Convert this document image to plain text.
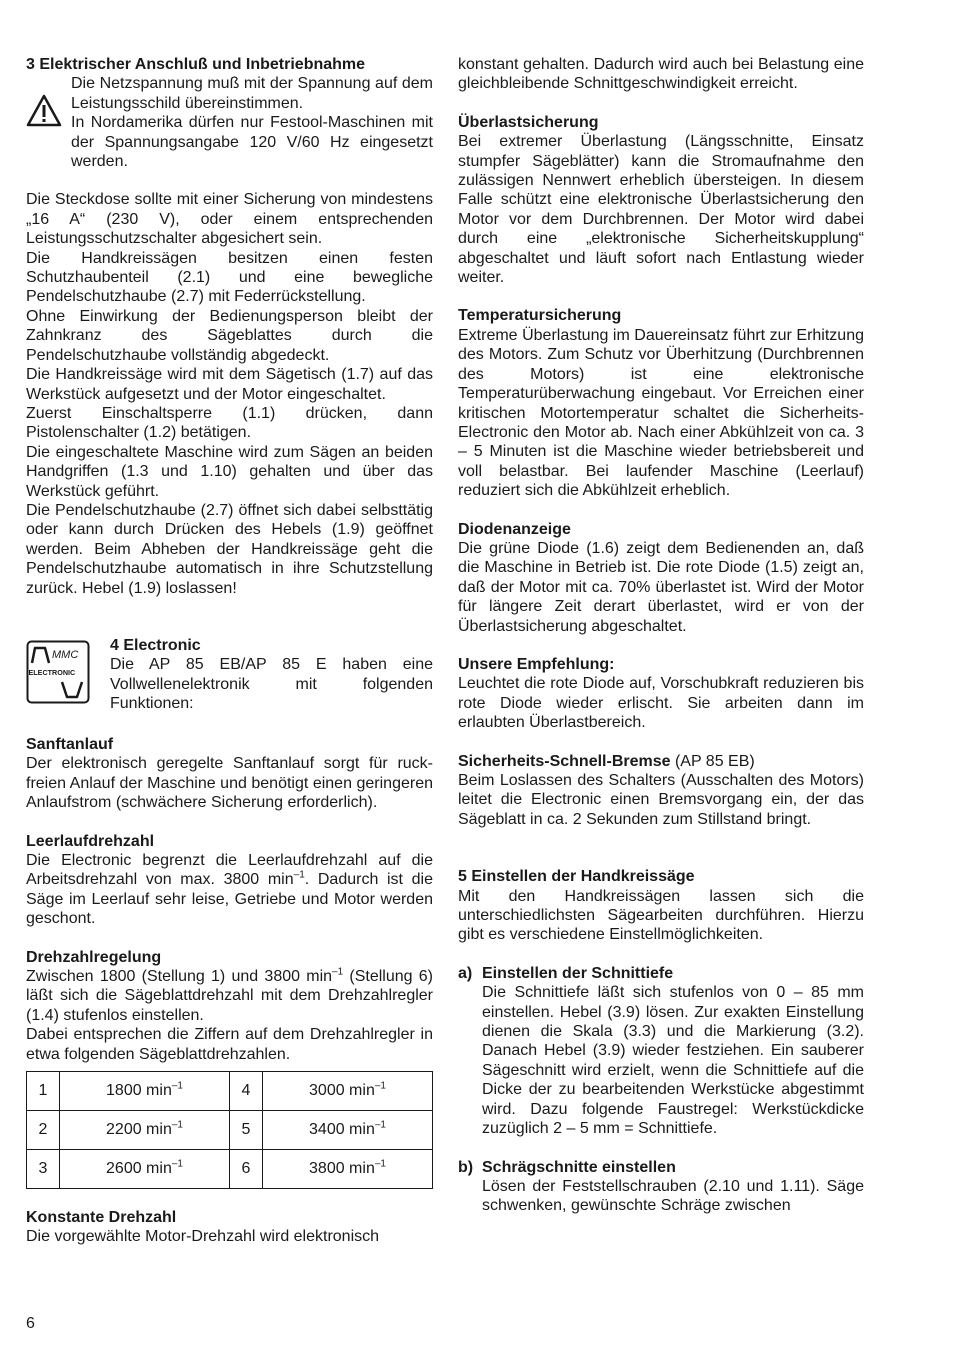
3 Elektrischer Anschluß und Inbetriebnahme

Die Netzspannung muß mit der Spannung auf dem Leistungsschild übereinstimmen.

In Nordamerika dürfen nur Festool-Maschinen mit der Spannungsangabe 120 V/60 Hz eingesetzt werden.

Die Steckdose sollte mit einer Sicherung von mindestens „16 A“ (230 V), oder einem entsprechenden Leistungsschutzschalter abgesichert sein.

Die Handkreissägen besitzen einen festen Schutzhaubenteil (2.1) und eine bewegliche Pendelschutzhaube (2.7) mit Federrückstellung.

Ohne Einwirkung der Bedienungsperson bleibt der Zahnkranz des Sägeblattes durch die Pendelschutzhaube vollständig abgedeckt.

Die Handkreissäge wird mit dem Sägetisch (1.7) auf das Werkstück aufgesetzt und der Motor eingeschaltet.

Zuerst Einschaltsperre (1.1) drücken, dann Pistolenschalter (1.2) betätigen.

Die eingeschaltete Maschine wird zum Sägen an beiden Handgriffen (1.3 und 1.10) gehalten und über das Werkstück geführt.

Die Pendelschutzhaube (2.7) öffnet sich dabei selbsttätig oder kann durch Drücken des Hebels (1.9) geöffnet werden. Beim Abheben der Handkreissäge geht die Pendelschutzhaube automatisch in ihre Schutzstellung zurück. Hebel (1.9) loslassen!

MMC
ELECTRONIC

4 Electronic

Die AP 85 EB/AP 85 E haben eine Vollwellenelektronik mit folgenden Funktionen:

Sanftanlauf

Der elektronisch geregelte Sanftanlauf sorgt für ruck- freien Anlauf der Maschine und benötigt einen geringeren Anlaufstrom (schwächere Sicherung erforderlich).

Leerlaufdrehzahl

Die Electronic begrenzt die Leerlaufdrehzahl auf die Arbeitsdrehzahl von max. 3800 $\min^{-1}$. Dadurch ist die Säge im Leerlauf sehr leise, Getriebe und Motor werden geschont.

Drehzahlregelung

Zwischen 1800 (Stellung 1) und 3800 $\min^{-1}$ (Stellung 6) läßt sich die Sägeblattdrehzahl mit dem Drehzahlregler (1.4) stufenlos einstellen.

Dabei entsprechen die Ziffern auf dem Drehzahlregler in etwa folgenden Sägeblattdrehzahlen.

1	1800 $\min^{-1}$	4	3000 $\min^{-1}$
2	2200 $\min^{-1}$	5	3400 $\min^{-1}$
3	2600 $\min^{-1}$	6	3800 $\min^{-1}$

Konstante Drehzahl

Die vorgewählte Motor-Drehzahl wird elektronisch

konstant gehalten. Dadurch wird auch bei Belastung eine gleichbleibende Schnittgeschwindigkeit erreicht.

Überlastsicherung

Bei extremer Überlastung (Längsschnitte, Einsatz stumpfer Sägeblätter) kann die Stromaufnahme den zulässigen Nennwert erheblich übersteigen. In diesem Falle schützt eine elektronische Überlastsicherung den Motor vor dem Durchbrennen. Der Motor wird dabei durch eine „elektronische Sicherheitskupplung“ abgeschaltet und läuft sofort nach Entlastung wieder weiter.

Temperatursicherung

Extreme Überlastung im Dauereinsatz führt zur Erhitzung des Motors. Zum Schutz vor Überhitzung (Durchbrennen des Motors) ist eine elektronische Temperaturüberwachung eingebaut. Vor Erreichen einer kritischen Motortemperatur schaltet die Sicherheits-Electronic den Motor ab. Nach einer Abkühlzeit von ca. 3 – 5 Minuten ist die Maschine wieder betriebsbereit und voll belastbar. Bei laufender Maschine (Leerlauf) reduziert sich die Abkühlzeit erheblich.

Diodenanzeige

Die grüne Diode (1.6) zeigt dem Bedienenden an, daß die Maschine in Betrieb ist. Die rote Diode (1.5) zeigt an, daß der Motor mit ca. 70% überlastet ist. Wird der Motor für längere Zeit derart überlastet, wird er von der Überlastsicherung abgeschaltet.

Unsere Empfehlung:

Leuchtet die rote Diode auf, Vorschubkraft reduzieren bis rote Diode wieder erlischt. Sie arbeiten dann im erlaubten Überlastbereich.

Sicherheits-Schnell-Bremse (AP 85 EB)

Beim Loslassen des Schalters (Ausschalten des Motors) leitet die Electronic einen Bremsvorgang ein, der das Sägeblatt in ca. 2 Sekunden zum Stillstand bringt.

5 Einstellen der Handkreissäge

Mit den Handkreissägen lassen sich die unterschiedlichsten Sägearbeiten durchführen. Hierzu gibt es verschiedene Einstellmöglichkeiten.

a) Einstellen der Schnittiefe

Die Schnittiefe läßt sich stufenlos von 0 – 85 mm einstellen. Hebel (3.9) lösen. Zur exakten Einstellung dienen die Skala (3.3) und die Markierung (3.2). Danach Hebel (3.9) wieder festziehen. Ein sauberer Sägeschnitt wird erzielt, wenn die Schnittiefe auf die Dicke der zu bearbeitenden Werkstücke abgestimmt wird. Dazu folgende Faustregel: Werkstückdicke zuzüglich 2 – 5 mm = Schnittiefe.

b) Schrägschnitte einstellen

Lösen der Feststellschrauben (2.10 und 1.11). Säge schwenken, gewünschte Schräge zwischen

6
